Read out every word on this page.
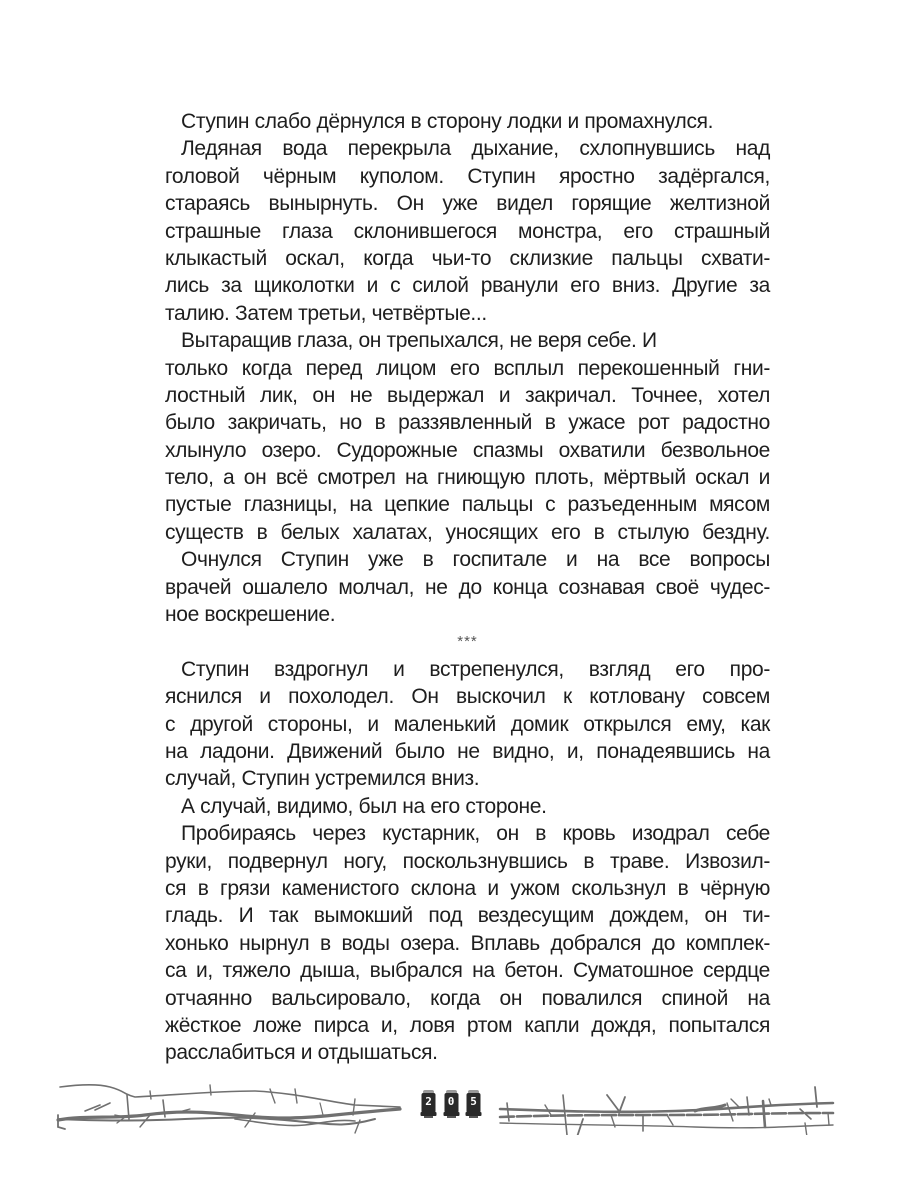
Ступин слабо дёрнулся в сторону лодки и промахнулся.
Ледяная вода перекрыла дыхание, схлопнувшись над
головой чёрным куполом. Ступин яростно задёргался,
стараясь вынырнуть. Он уже видел горящие желтизной
страшные глаза склонившегося монстра, его страшный
клыкастый оскал, когда чьи-то склизкие пальцы схвати-
лись за щиколотки и с силой рванули его вниз. Другие за
талию. Затем третьи, четвёртые...
Вытаращив глаза, он трепыхался, не веря себе. И
только когда перед лицом его всплыл перекошенный гни-
лостный лик, он не выдержал и закричал. Точнее, хотел
было закричать, но в раззявленный в ужасе рот радостно
хлынуло озеро. Судорожные спазмы охватили безвольное
тело, а он всё смотрел на гниющую плоть, мёртвый оскал и
пустые глазницы, на цепкие пальцы с разъеденным мясом
существ в белых халатах, уносящих его в стылую бездну.
Очнулся Ступин уже в госпитале и на все вопросы
врачей ошалело молчал, не до конца сознавая своё чудес-
ное воскрешение.
***
Ступин вздрогнул и встрепенулся, взгляд его про-
яснился и похолодел. Он выскочил к котловану совсем
с другой стороны, и маленький домик открылся ему, как
на ладони. Движений было не видно, и, понадеявшись на
случай, Ступин устремился вниз.
А случай, видимо, был на его стороне.
Пробираясь через кустарник, он в кровь изодрал себе
руки, подвернул ногу, поскользнувшись в траве. Извозил-
ся в грязи каменистого склона и ужом скользнул в чёрную
гладь. И так вымокший под вездесущим дождем, он ти-
хонько нырнул в воды озера. Вплавь добрался до комплек-
са и, тяжело дыша, выбрался на бетон. Суматошное сердце
отчаянно вальсировало, когда он повалился спиной на
жёсткое ложе пирса и, ловя ртом капли дождя, попытался
расслабиться и отдышаться.
2	0	5
